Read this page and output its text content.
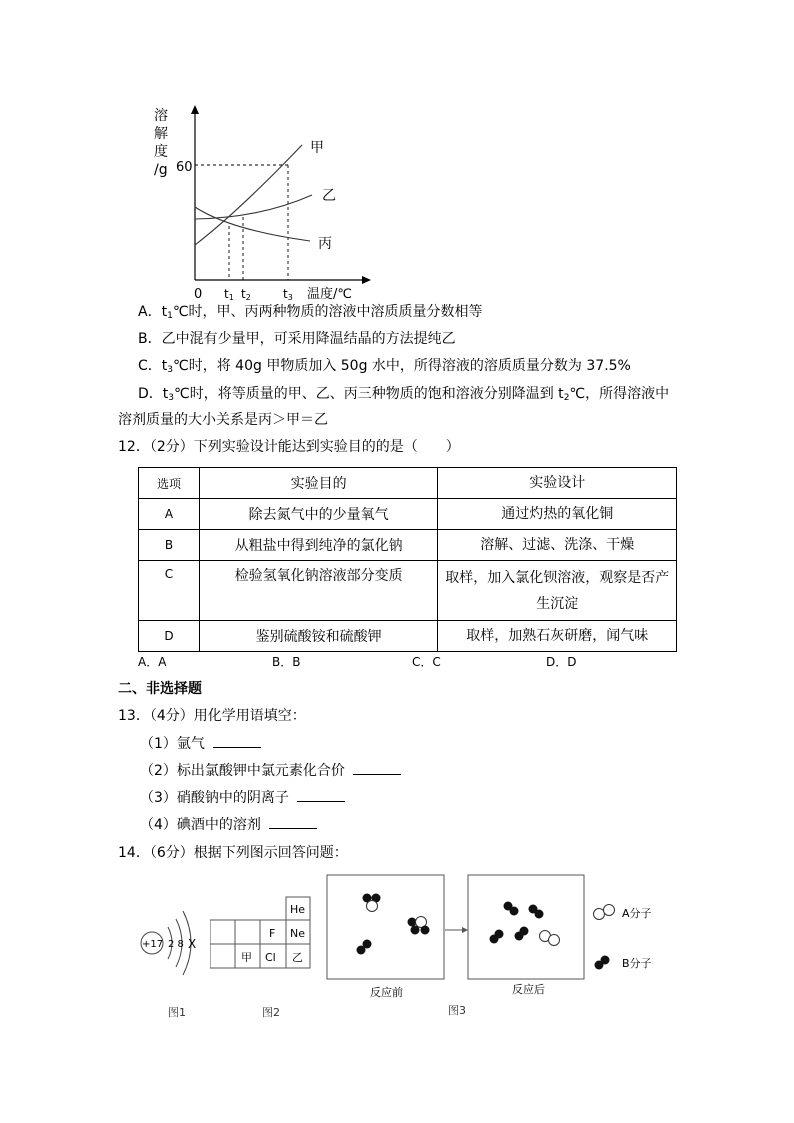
溶
解
度
/g 60
0 t1 t2	t3 温度/℃
甲
乙
丙
A．$t_1℃$时，甲、丙两种物质的溶液中溶质质量分数相等
B．乙中混有少量甲，可采用降温结晶的方法提纯乙
C．$t_3℃$时，将 40g 甲物质加入 50g 水中，所得溶液的溶质质量分数为 37.5%
D．$t_3℃$时，将等质量的甲、乙、丙三种物质的饱和溶液分别降温到 $t_2℃$，所得溶液中
溶剂质量的大小关系是丙＞甲＝乙
12．（2分）下列实验设计能达到实验目的的是（　　）
选项	实验目的	实验设计
A	除去氮气中的少量氧气	通过灼热的氧化铜
B	从粗盐中得到纯净的氯化钠	溶解、过滤、洗涤、干燥
C	检验氢氧化钠溶液部分变质	取样，加入氯化钡溶液，观察是否产生沉淀
D	鉴别硫酸铵和硫酸钾	取样，加熟石灰研磨，闻气味
A．A	B．B	C．C	D．D
二、非选择题
13．（4分）用化学用语填空：
（1）氩气
（2）标出氯酸钾中氯元素化合价
（3）硝酸钠中的阴离子
（4）碘酒中的溶剂
14．（6分）根据下列图示回答问题：
+17 2 8 X
图1
He
F Ne
甲 Cl 乙
图2
A分子
B分子
反应前	反应后
图3
